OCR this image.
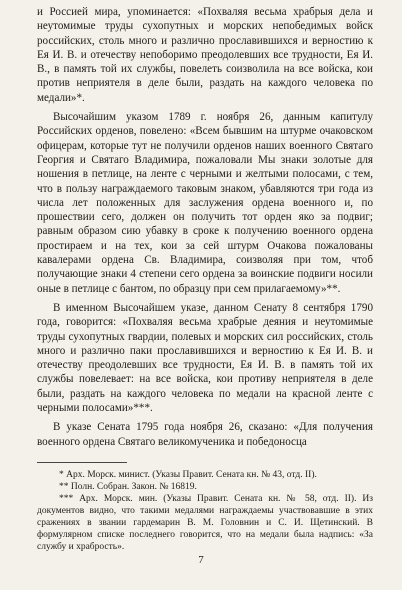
и Россией мира, упоминается: «Похваляя весьма храбрыя дела и неутомимые труды сухопутных и морских непобедимых войск российских, столь много и различно прославившихся и верностию к Ея И. В. и отечеству непоборимо преодолевших все трудности, Ея И. В., в память той их службы, повелеть соизволила на все войска, кои против неприятеля в деле были, раздать на каждого человека по медали»*.

Высочайшим указом 1789 г. ноября 26, данным капитулу Российских орденов, повелено: «Всем бывшим на штурме очаковском офицерам, которые тут не получили орденов наших военного Святаго Георгия и Святаго Владимира, пожаловали Мы знаки золотые для ношения в петлице, на ленте с черными и желтыми полосами, с тем, что в пользу награждаемого таковым знаком, убавляются три года из числа лет положенных для заслужения ордена военного и, по прошествии сего, должен он получить тот орден яко за подвиг; равным образом сию убавку в сроке к получению военного ордена простираем и на тех, кои за сей штурм Очакова пожалованы кавалерами ордена Св. Владимира, соизволяя при том, чтоб получающие знаки 4 степени сего ордена за воинские подвиги носили оные в петлице с бантом, по образцу при сем прилагаемому»**.

В именном Высочайшем указе, данном Сенату 8 сентября 1790 года, говорится: «Похваляя весьма храбрые деяния и неутомимые труды сухопутных гвардии, полевых и морских сил российских, столь много и различно паки прославившихся и верностию к Ея И. В. и отечеству преодолевших все трудности, Ея И. В. в память той их службы повелевает: на все войска, кои противу неприятеля в деле были, раздать на каждого человека по медали на красной ленте с черными полосами»***.

В указе Сената 1795 года ноября 26, сказано: «Для получения военного ордена Святаго великомученика и победоносца

* Арх. Морск. минист. (Указы Правит. Сената кн. № 43, отд. II).

** Полн. Собран. Закон. № 16819.

*** Арх. Морск. мин. (Указы Правит. Сената кн. № 58, отд. II). Из документов видно, что такими медалями награждаемы участвовавшие в этих сражениях в звании гардемарин В. М. Головнин и С. И. Щетинский. В формулярном списке последнего говорится, что на медали была надпись: «За службу и храбрость».

7
